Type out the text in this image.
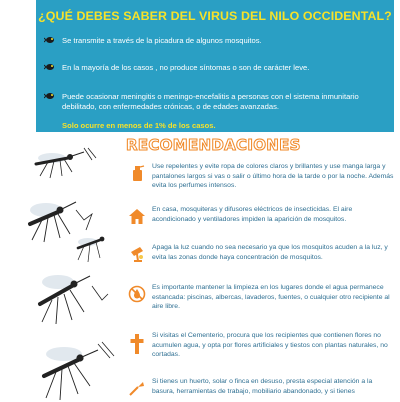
¿QUÉ DEBES SABER DEL VIRUS DEL NILO OCCIDENTAL?
Se transmite a través de la picadura de algunos mosquitos.
En la mayoría de los casos , no produce síntomas o son de carácter leve.
Puede ocasionar meningitis o meningo-encefalitis a personas con el sistema inmunitario debilitado, con enfermedades crónicas, o de edades avanzadas.
Solo ocurre en menos de 1% de los casos.
RECOMENDACIONES
Use repelentes y evite ropa de colores claros y brillantes y use manga larga y pantalones largos si vas o salir o último hora de la tarde o por la noche. Además evita los perfumes intensos.
En casa, mosquiteras y difusores eléctricos de insecticidas. El aire acondicionado y ventiladores impiden la aparición de mosquitos.
Apaga la luz cuando no sea necesario ya que los mosquitos acuden a la luz, y evita las zonas donde haya concentración de mosquitos.
Es importante mantener la limpieza en los lugares donde el agua permanece estancada: piscinas, albercas, lavaderos, fuentes, o cualquier otro recipiente al aire libre.
Si visitas el Cementerio, procura que los recipientes que contienen flores no acumulen agua, y opta por flores artificiales y tiestos con plantas naturales, no cortadas.
Si tienes un huerto, solar o finca en desuso, presta especial atención a la basura, herramientas de trabajo, mobiliario abandonado, y si tienes
